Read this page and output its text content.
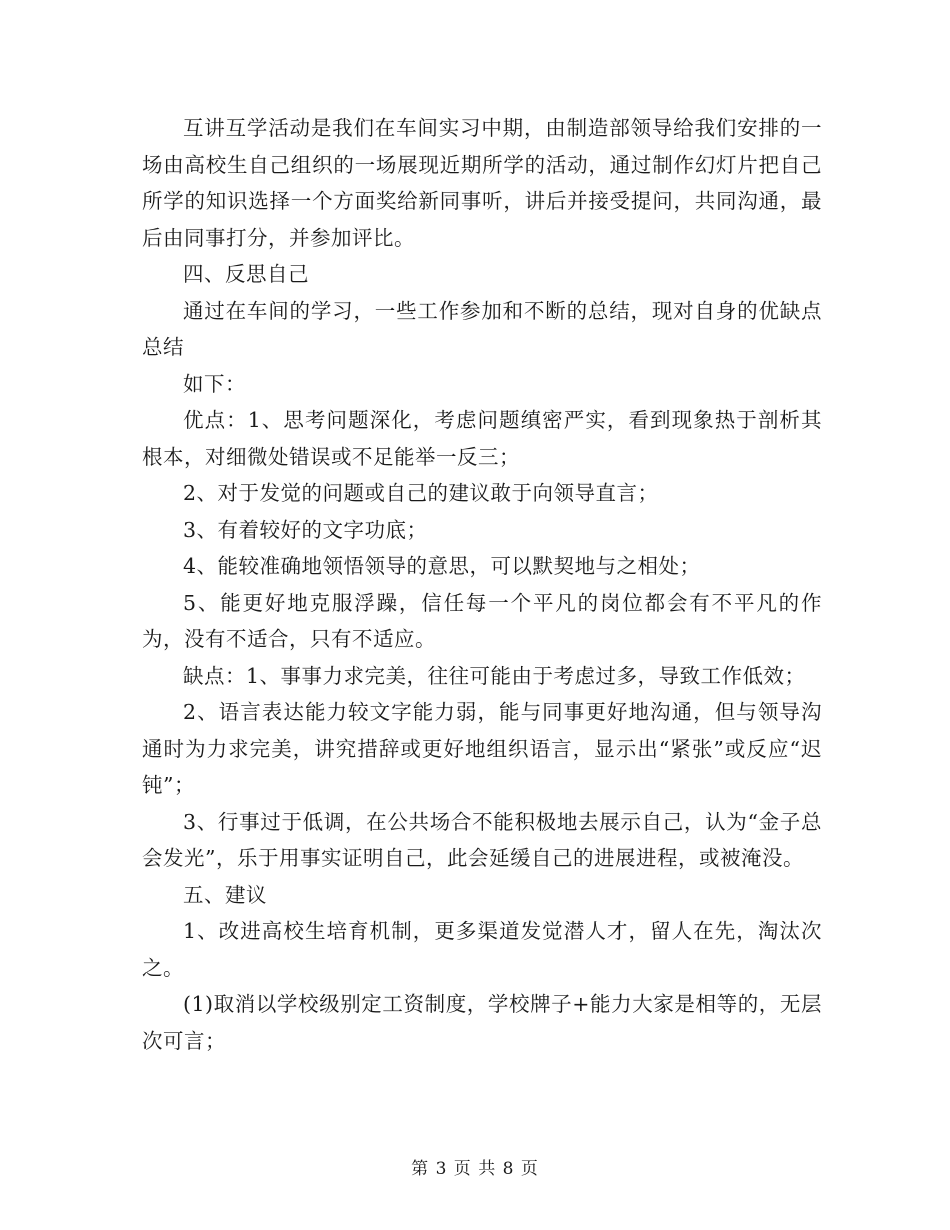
互讲互学活动是我们在车间实习中期，由制造部领导给我们安排的一场由高校生自己组织的一场展现近期所学的活动，通过制作幻灯片把自己所学的知识选择一个方面奖给新同事听，讲后并接受提问，共同沟通，最后由同事打分，并参加评比。

四、反思自己

通过在车间的学习，一些工作参加和不断的总结，现对自身的优缺点总结

如下：

优点：1、思考问题深化，考虑问题缜密严实，看到现象热于剖析其根本，对细微处错误或不足能举一反三；

2、对于发觉的问题或自己的建议敢于向领导直言；

3、有着较好的文字功底；

4、能较准确地领悟领导的意思，可以默契地与之相处；

5、能更好地克服浮躁，信任每一个平凡的岗位都会有不平凡的作为，没有不适合，只有不适应。

缺点：1、事事力求完美，往往可能由于考虑过多，导致工作低效；

2、语言表达能力较文字能力弱，能与同事更好地沟通，但与领导沟通时为力求完美，讲究措辞或更好地组织语言，显示出“紧张”或反应“迟钝”；

3、行事过于低调，在公共场合不能积极地去展示自己，认为“金子总会发光”，乐于用事实证明自己，此会延缓自己的进展进程，或被淹没。

五、建议

1、改进高校生培育机制，更多渠道发觉潜人才，留人在先，淘汰次之。

(1)取消以学校级别定工资制度，学校牌子+能力大家是相等的，无层次可言；

第 3 页 共 8 页
